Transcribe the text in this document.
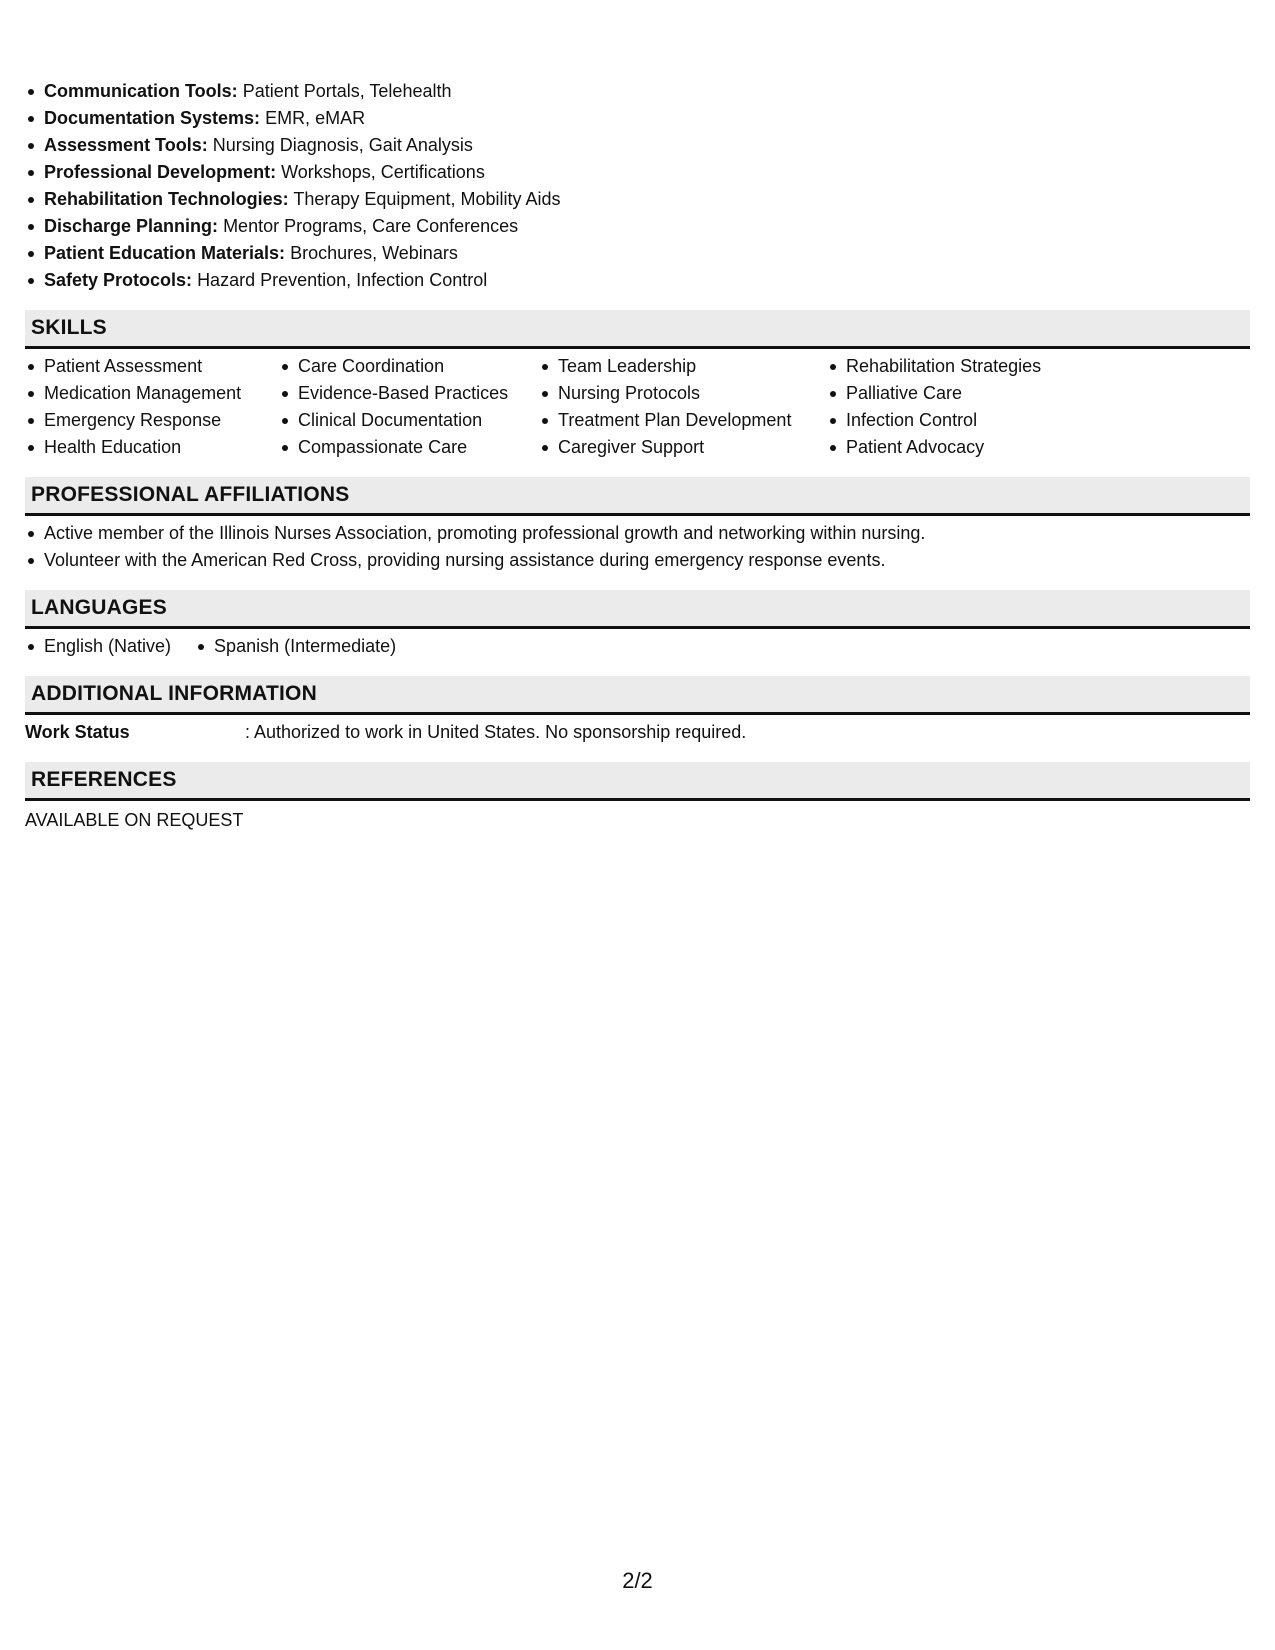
Communication Tools: Patient Portals, Telehealth
Documentation Systems: EMR, eMAR
Assessment Tools: Nursing Diagnosis, Gait Analysis
Professional Development: Workshops, Certifications
Rehabilitation Technologies: Therapy Equipment, Mobility Aids
Discharge Planning: Mentor Programs, Care Conferences
Patient Education Materials: Brochures, Webinars
Safety Protocols: Hazard Prevention, Infection Control
SKILLS
Patient Assessment
Medication Management
Emergency Response
Health Education
Care Coordination
Evidence-Based Practices
Clinical Documentation
Compassionate Care
Team Leadership
Nursing Protocols
Treatment Plan Development
Caregiver Support
Rehabilitation Strategies
Palliative Care
Infection Control
Patient Advocacy
PROFESSIONAL AFFILIATIONS
Active member of the Illinois Nurses Association, promoting professional growth and networking within nursing.
Volunteer with the American Red Cross, providing nursing assistance during emergency response events.
LANGUAGES
English (Native)	Spanish (Intermediate)
ADDITIONAL INFORMATION
Work Status	: Authorized to work in United States. No sponsorship required.
REFERENCES
AVAILABLE ON REQUEST
2/2
